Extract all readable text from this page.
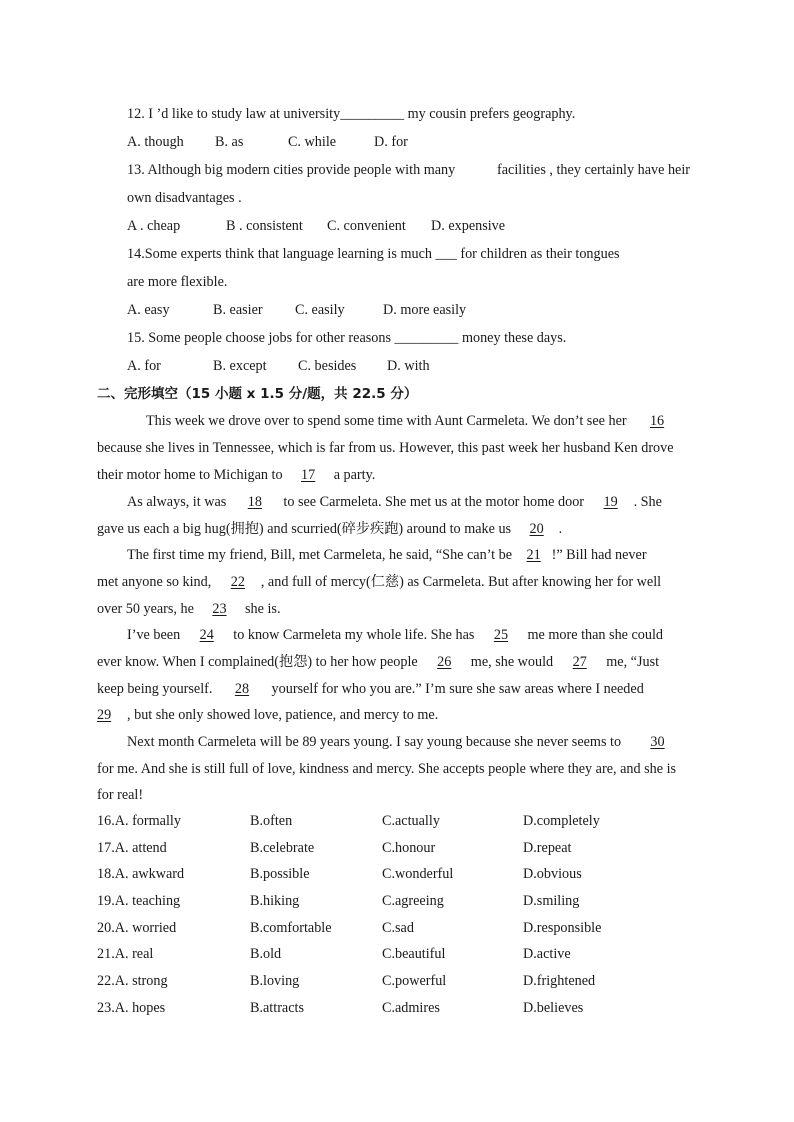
12. I ’d like to study law at university_________ my cousin prefers geography.
A. though B. as	C. while	D. for
13. Although big modern cities provide people with many	facilities , they certainly have heir
own disadvantages .
A . cheap	B . consistent C. convenient D. expensive
14.Some experts think that language learning is much ___ for children as their tongues
are more flexible.
A. easy	B. easier C. easily	D. more easily
15. Some people choose jobs for other reasons _________ money these days.
A. for	B. except C. besides D. with
二、完形填空（15 小题 x 1.5 分/题，共 22.5 分）
This week we drove over to spend some time with Aunt Carmeleta. We don’t see her 16
because she lives in Tennessee, which is far from us. However, this past week her husband Ken drove
their motor home to Michigan to 17 a party.
As always, it was 18 to see Carmeleta. She met us at the motor home door 19 . She
gave us each a big hug(拥抱) and scurried(碎步疾跑) around to make us 20 .
The first time my friend, Bill, met Carmeleta, he said, “She can’t be 21 !” Bill had never
met anyone so kind, 22 , and full of mercy(仁慈) as Carmeleta. But after knowing her for well
over 50 years, he 23 she is.
I’ve been 24 to know Carmeleta my whole life. She has 25 me more than she could
ever know. When I complained(抱怨) to her how people 26 me, she would 27 me, “Just
keep being yourself. 28 yourself for who you are.” I’m sure she saw areas where I needed
29 , but she only showed love, patience, and mercy to me.
Next month Carmeleta will be 89 years young. I say young because she never seems to 30
for me. And she is still full of love, kindness and mercy. She accepts people where they are, and she is
for real!
16.A. formally	B.often	C.actually	D.completely
17.A. attend	B.celebrate	C.honour	D.repeat
18.A. awkward	B.possible	C.wonderful	D.obvious
19.A. teaching	B.hiking	C.agreeing	D.smiling
20.A. worried	B.comfortable	C.sad	D.responsible
21.A. real	B.old	C.beautiful	D.active
22.A. strong	B.loving	C.powerful	D.frightened
23.A. hopes	B.attracts	C.admires	D.believes
